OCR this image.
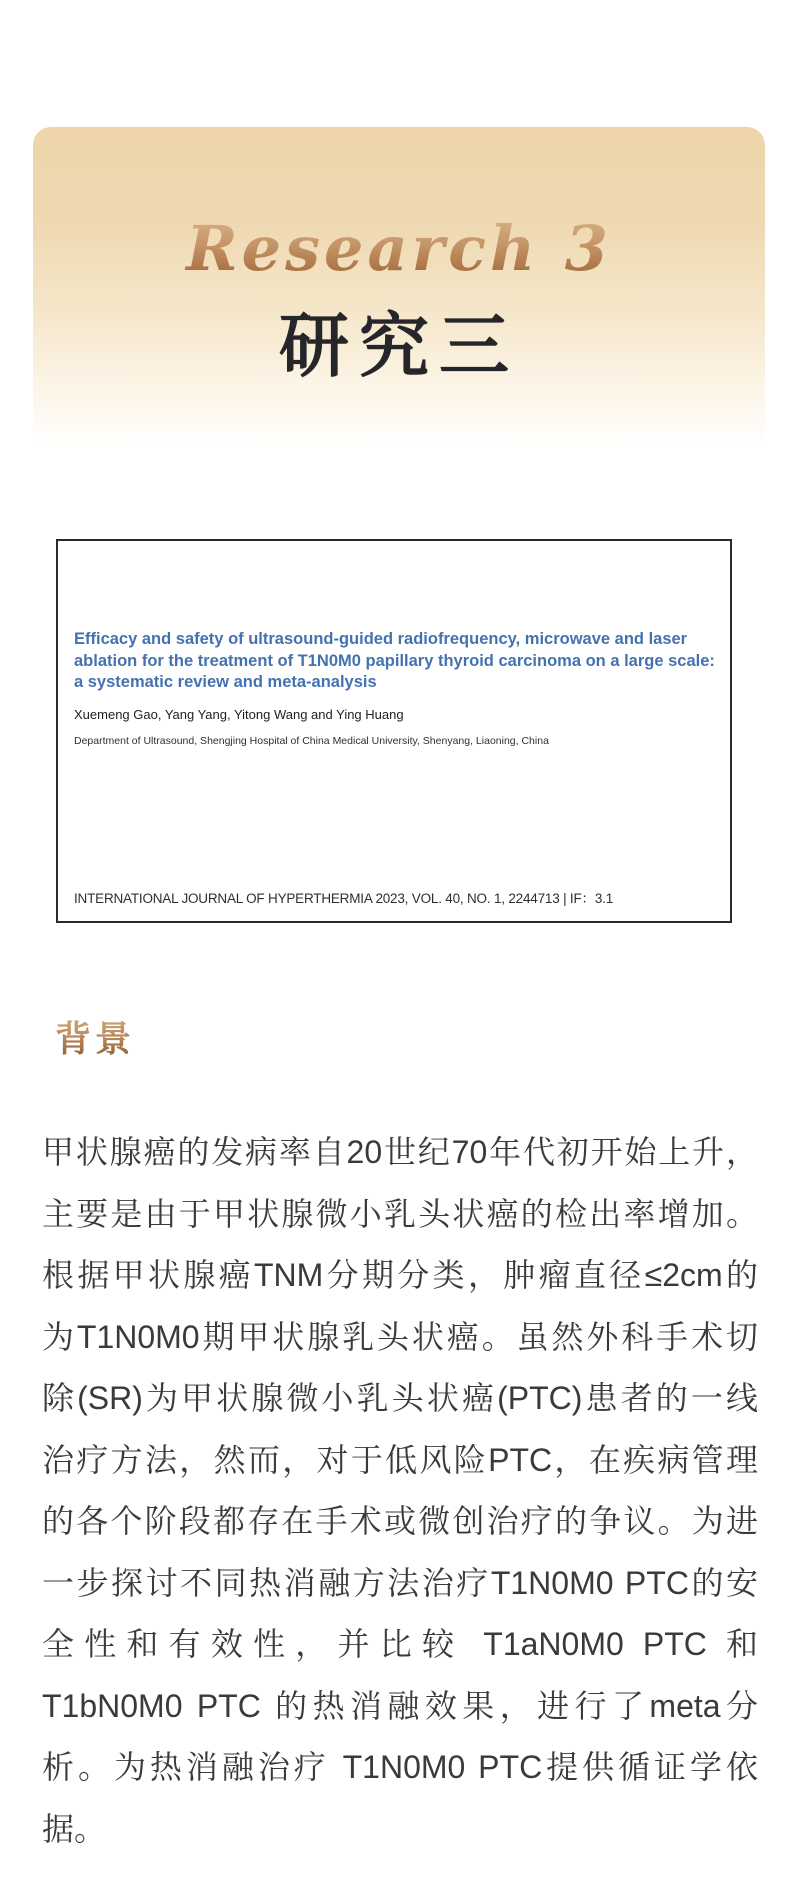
Research 3
研究三
Efficacy and safety of ultrasound-guided radiofrequency, microwave and laser ablation for the treatment of T1N0M0 papillary thyroid carcinoma on a large scale: a systematic review and meta-analysis
Xuemeng Gao, Yang Yang, Yitong Wang and Ying Huang
Department of Ultrasound, Shengjing Hospital of China Medical University, Shenyang, Liaoning, China
INTERNATIONAL JOURNAL OF HYPERTHERMIA 2023, VOL. 40, NO. 1, 2244713 | IF：3.1
背景
甲状腺癌的发病率自20世纪70年代初开始上升，
主要是由于甲状腺微小乳头状癌的检出率增加。
根据甲状腺癌TNM分期分类，肿瘤直径≤2cm的
为T1N0M0期甲状腺乳头状癌。虽然外科手术切
除(SR)为甲状腺微小乳头状癌(PTC)患者的一线
治疗方法，然而，对于低风险PTC，在疾病管理
的各个阶段都存在手术或微创治疗的争议。为进
一步探讨不同热消融方法治疗T1N0M0 PTC的安
全性和有效性，并比较 T1aN0M0 PTC 和
T1bN0M0 PTC 的热消融效果，进行了meta分
析。为热消融治疗 T1N0M0 PTC提供循证学依
据。
